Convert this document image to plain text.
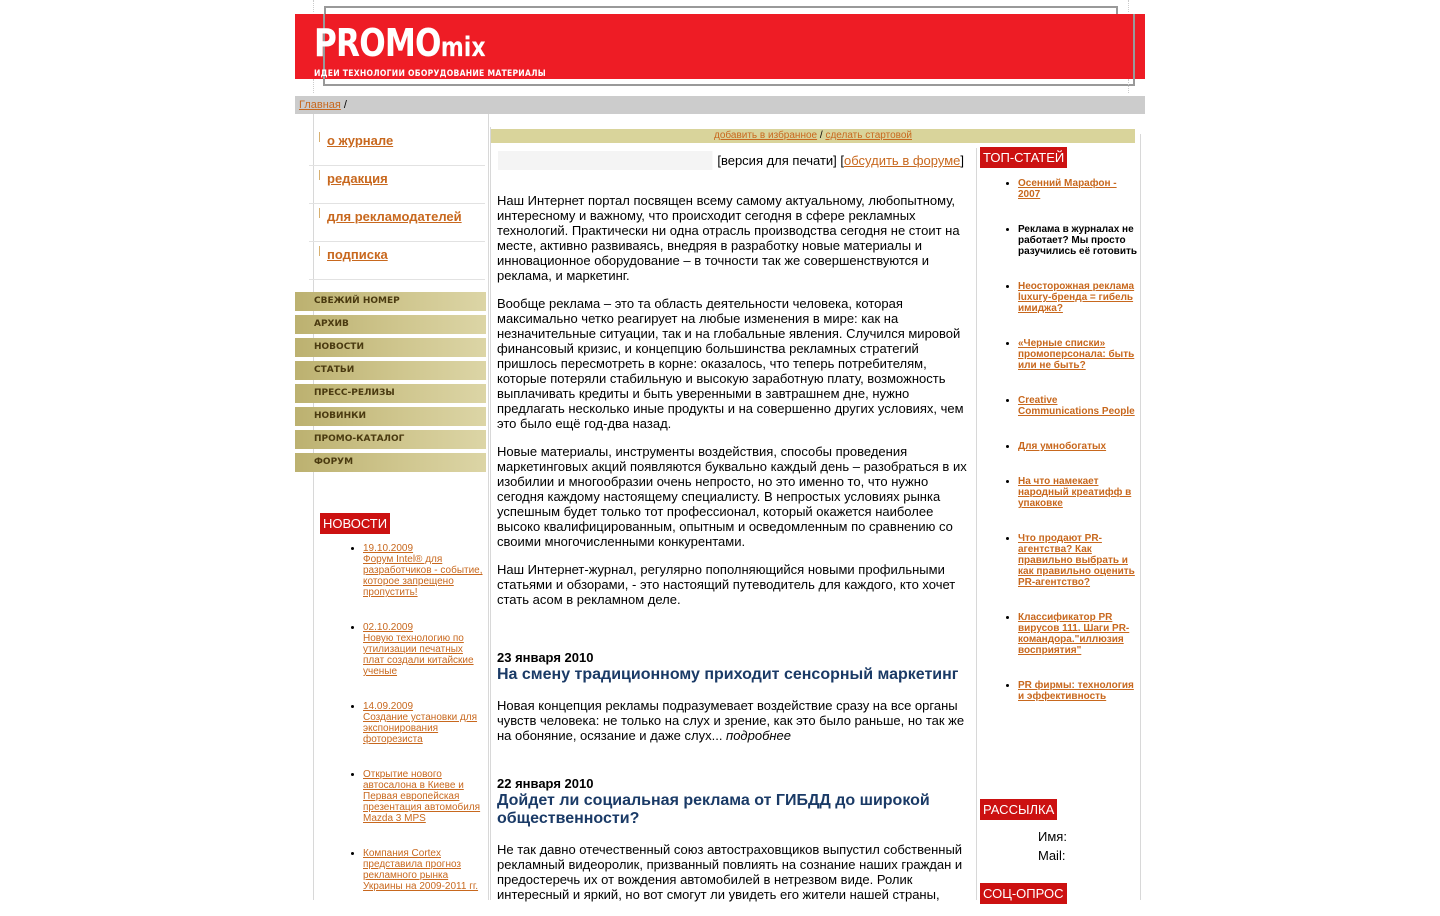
PROMOmix
ИДЕИ ТЕХНОЛОГИИ ОБОРУДОВАНИЕ МАТЕРИАЛЫ
Главная /
о журнале
редакция
для рекламодателей
подписка
СВЕЖИЙ НОМЕР
АРХИВ
НОВОСТИ
СТАТЬИ
ПРЕСС-РЕЛИЗЫ
НОВИНКИ
ПРОМО-КАТАЛОГ
ФОРУМ
НОВОСТИ
• 19.10.2009
Форум Intel® для разработчиков - событие, которое запрещено пропустить!
• 02.10.2009
Новую технологию по утилизации печатных плат создали китайские ученые
• 14.09.2009
Создание установки для экспонирования фоторезиста
• Открытие нового автосалона в Киеве и Первая европейская презентация автомобиля Mazda 3 MPS
• Компания Cortex представила прогноз рекламного рынка Украины на 2009-2011 гг.
добавить в избранное / сделать стартовой
[версия для печати] [обсудить в форуме]

Наш Интернет портал посвящен всему самому актуальному, любопытному, интересному и важному, что происходит сегодня в сфере рекламных технологий. Практически ни одна отрасль производства сегодня не стоит на месте, активно развиваясь, внедряя в разработку новые материалы и инновационное оборудование – в точности так же совершенствуются и реклама, и маркетинг.

Вообще реклама – это та область деятельности человека, которая максимально четко реагирует на любые изменения в мире: как на незначительные ситуации, так и на глобальные явления. Случился мировой финансовый кризис, и концепцию большинства рекламных стратегий пришлось пересмотреть в корне: оказалось, что теперь потребителям, которые потеряли стабильную и высокую заработную плату, возможность выплачивать кредиты и быть уверенными в завтрашнем дне, нужно предлагать несколько иные продукты и на совершенно других условиях, чем это было ещё год-два назад.

Новые материалы, инструменты воздействия, способы проведения маркетинговых акций появляются буквально каждый день – разобраться в их изобилии и многообразии очень непросто, но это именно то, что нужно сегодня каждому настоящему специалисту. В непростых условиях рынка успешным будет только тот профессионал, который окажется наиболее высоко квалифицированным, опытным и осведомленным по сравнению со своими многочисленными конкурентами.

Наш Интернет-журнал, регулярно пополняющийся новыми профильными статьями и обзорами, - это настоящий путеводитель для каждого, кто хочет стать асом в рекламном деле.

23 января 2010
На смену традиционному приходит сенсорный маркетинг
Новая концепция рекламы подразумевает воздействие сразу на все органы чувств человека: не только на слух и зрение, как это было раньше, но так же на обоняние, осязание и даже слух... подробнее
22 января 2010
Дойдет ли социальная реклама от ГИБДД до широкой общественности?
Не так давно отечественный союз автостраховщиков выпустил собственный рекламный видеоролик, призванный повлиять на сознание наших граждан и предостеречь их от вождения автомобилей в нетрезвом виде. Ролик интересный и яркий, но вот смогут ли увидеть его жители нашей страны,
ТОП-СТАТЕЙ
• Осенний Марафон - 2007
• Реклама в журналах не работает? Мы просто разучились её готовить
• Неосторожная реклама luxury-бренда = гибель имиджа?
• «Черные списки» промоперсонала: быть или не быть?
• Creative Communications People
• Для умнобогатых
• На что намекает народный креатифф в упаковке
• Что продают PR-агентства? Как правильно выбрать и как правильно оценить PR-агентство?
• Классификатор PR вирусов 111. Шаги PR-командора."иллюзия восприятия"
• PR фирмы: технология и эффективность
РАССЫЛКА
Имя:
Mail:
СОЦ-ОПРОС
